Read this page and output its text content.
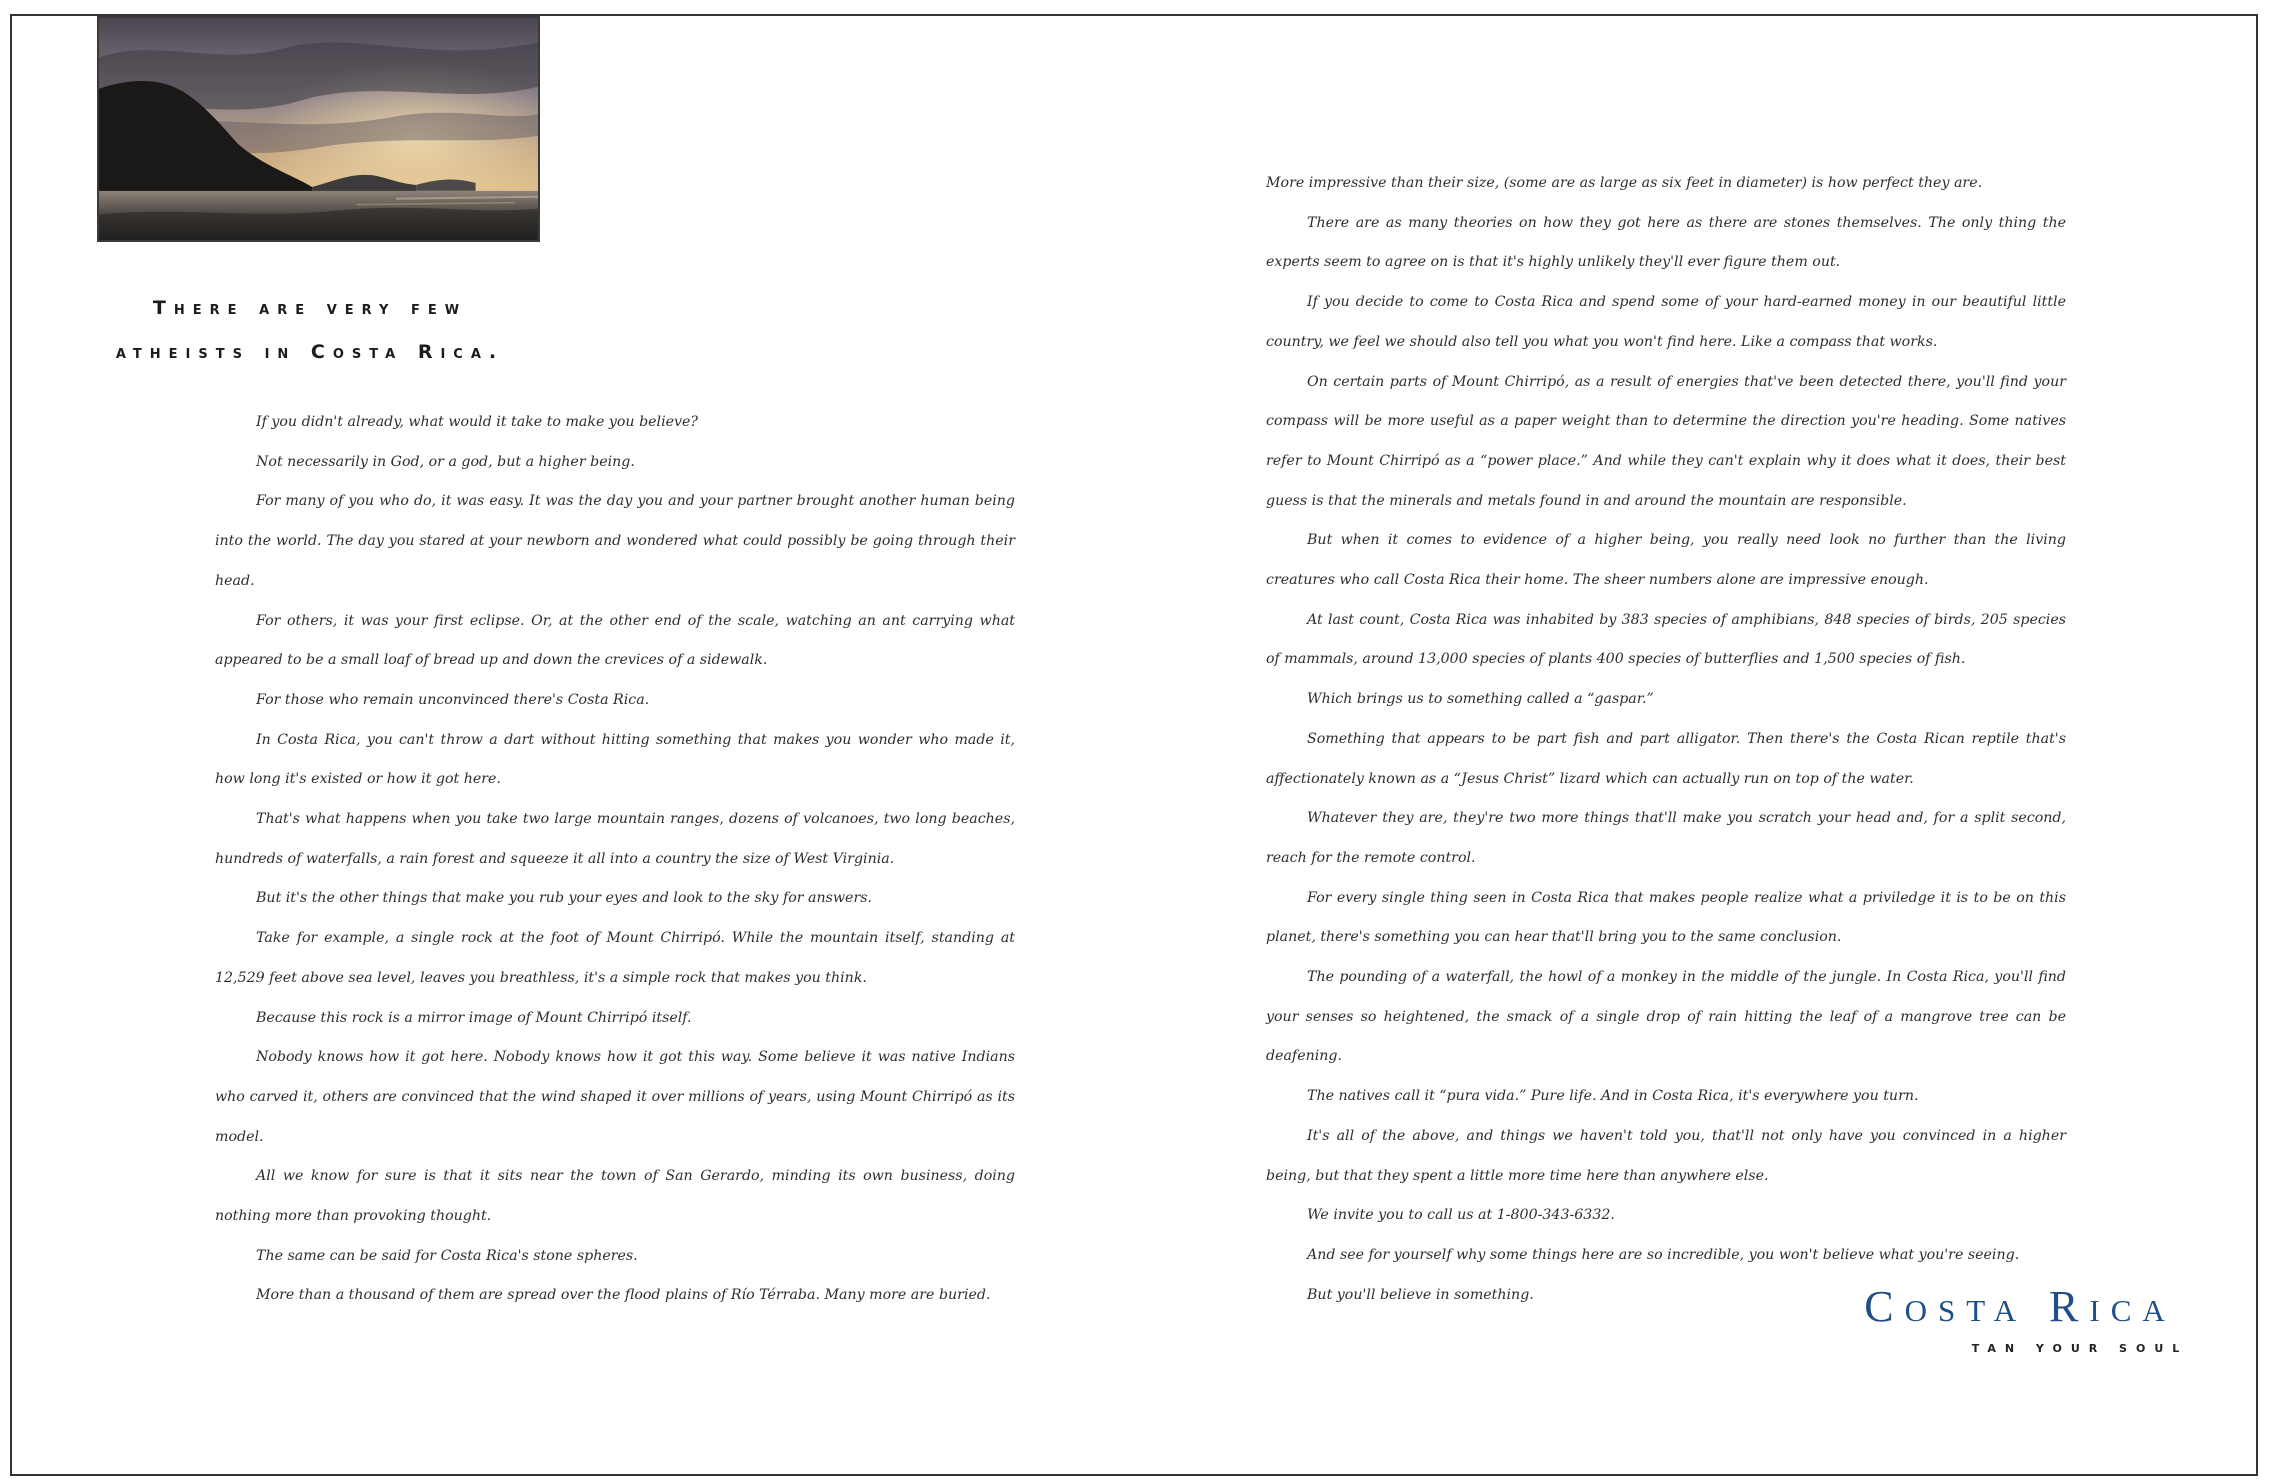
There are very few
atheists in Costa Rica.

If you didn't already, what would it take to make you believe?

Not necessarily in God, or a god, but a higher being.

For many of you who do, it was easy. It was the day you and your partner brought another human being into the world. The day you stared at your newborn and wondered what could possibly be going through their head.

For others, it was your first eclipse. Or, at the other end of the scale, watching an ant carrying what appeared to be a small loaf of bread up and down the crevices of a sidewalk.

For those who remain unconvinced there's Costa Rica.

In Costa Rica, you can't throw a dart without hitting something that makes you wonder who made it, how long it's existed or how it got here.

That's what happens when you take two large mountain ranges, dozens of volcanoes, two long beaches, hundreds of waterfalls, a rain forest and squeeze it all into a country the size of West Virginia.

But it's the other things that make you rub your eyes and look to the sky for answers.

Take for example, a single rock at the foot of Mount Chirripó. While the mountain itself, standing at 12,529 feet above sea level, leaves you breathless, it's a simple rock that makes you think.

Because this rock is a mirror image of Mount Chirripó itself.

Nobody knows how it got here. Nobody knows how it got this way. Some believe it was native Indians who carved it, others are convinced that the wind shaped it over millions of years, using Mount Chirripó as its model.

All we know for sure is that it sits near the town of San Gerardo, minding its own business, doing nothing more than provoking thought.

The same can be said for Costa Rica's stone spheres.

More than a thousand of them are spread over the flood plains of Río Térraba. Many more are buried.

More impressive than their size, (some are as large as six feet in diameter) is how perfect they are.

There are as many theories on how they got here as there are stones themselves. The only thing the experts seem to agree on is that it's highly unlikely they'll ever figure them out.

If you decide to come to Costa Rica and spend some of your hard-earned money in our beautiful little country, we feel we should also tell you what you won't find here. Like a compass that works.

On certain parts of Mount Chirripó, as a result of energies that've been detected there, you'll find your compass will be more useful as a paper weight than to determine the direction you're heading. Some natives refer to Mount Chirripó as a “power place.” And while they can't explain why it does what it does, their best guess is that the minerals and metals found in and around the mountain are responsible.

But when it comes to evidence of a higher being, you really need look no further than the living creatures who call Costa Rica their home. The sheer numbers alone are impressive enough.

At last count, Costa Rica was inhabited by 383 species of amphibians, 848 species of birds, 205 species of mammals, around 13,000 species of plants 400 species of butterflies and 1,500 species of fish.

Which brings us to something called a “gaspar.”

Something that appears to be part fish and part alligator. Then there's the Costa Rican reptile that's affectionately known as a “Jesus Christ” lizard which can actually run on top of the water.

Whatever they are, they're two more things that'll make you scratch your head and, for a split second, reach for the remote control.

For every single thing seen in Costa Rica that makes people realize what a priviledge it is to be on this planet, there's something you can hear that'll bring you to the same conclusion.

The pounding of a waterfall, the howl of a monkey in the middle of the jungle. In Costa Rica, you'll find your senses so heightened, the smack of a single drop of rain hitting the leaf of a mangrove tree can be deafening.

The natives call it “pura vida.” Pure life. And in Costa Rica, it's everywhere you turn.

It's all of the above, and things we haven't told you, that'll not only have you convinced in a higher being, but that they spent a little more time here than anywhere else.

We invite you to call us at 1-800-343-6332.

And see for yourself why some things here are so incredible, you won't believe what you're seeing.

But you'll believe in something.	Costa Rica
TAN YOUR SOUL
